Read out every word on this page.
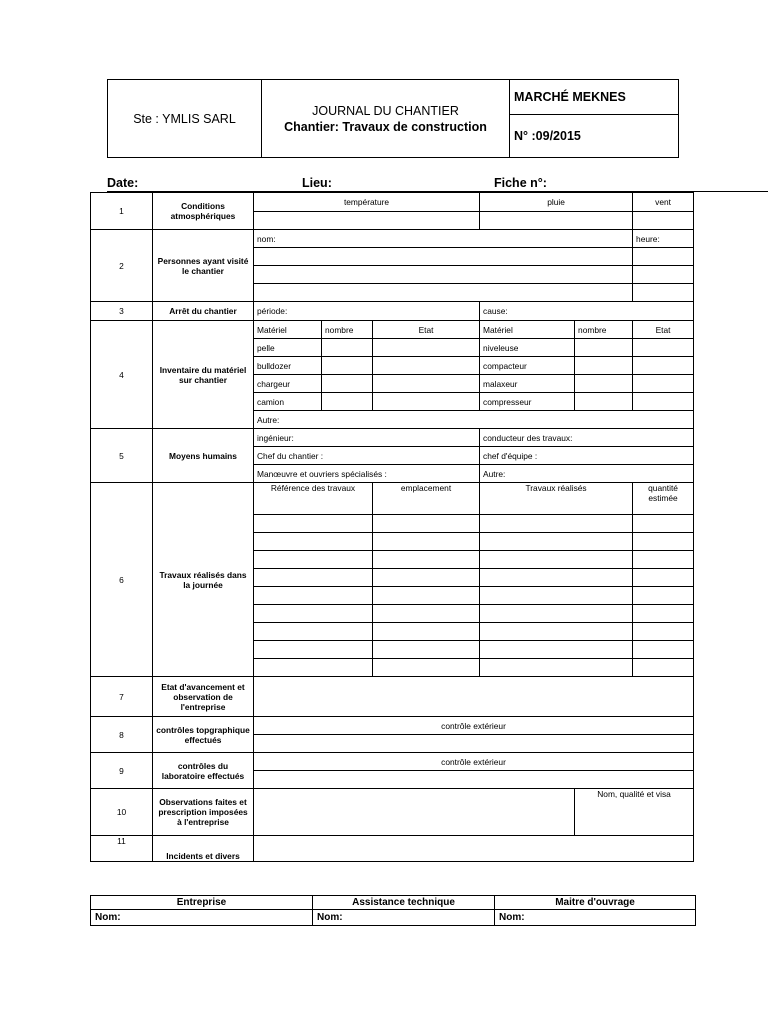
Ste : YMLIS SARL	
JOURNAL DU CHANTIER
Chantier: Travaux de construction
	MARCHÉ MEKNES
N° :09/2015
Date:	Lieu:	Fiche n°:
1	Conditions atmosphériques	température			pluie		vent

2	Personnes ayant visité le chantier	nom:					heure:

3	Arrêt du chantier	période:			cause:		
4	Inventaire du matériel sur chantier	Matériel	nombre	Etat	Matériel	nombre	Etat
		pelle			niveleuse		
		bulldozer			compacteur		
		chargeur			malaxeur		
		camion			compresseur		
		Autre:					
5	Moyens humains	ingénieur:			conducteur des travaux:		
		Chef du chantier :			chef d'équipe :		
		Manœuvre et ouvriers spécialisés :			Autre:		
6	Travaux réalisés dans la journée	Référence des travaux		emplacement	Travaux réalisés		quantité estimée

7	Etat d'avancement et observation de l'entreprise						
8	contrôles topgraphique effectués	contrôle extérieur					

9	contrôles du laboratoire effectués	contrôle extérieur					

10	Observations faites et prescription imposées à l'entreprise					Nom, qualité et visa	
11	Incidents et divers						
Entreprise	Assistance technique	Maitre d'ouvrage
Nom:	Nom:	Nom:
